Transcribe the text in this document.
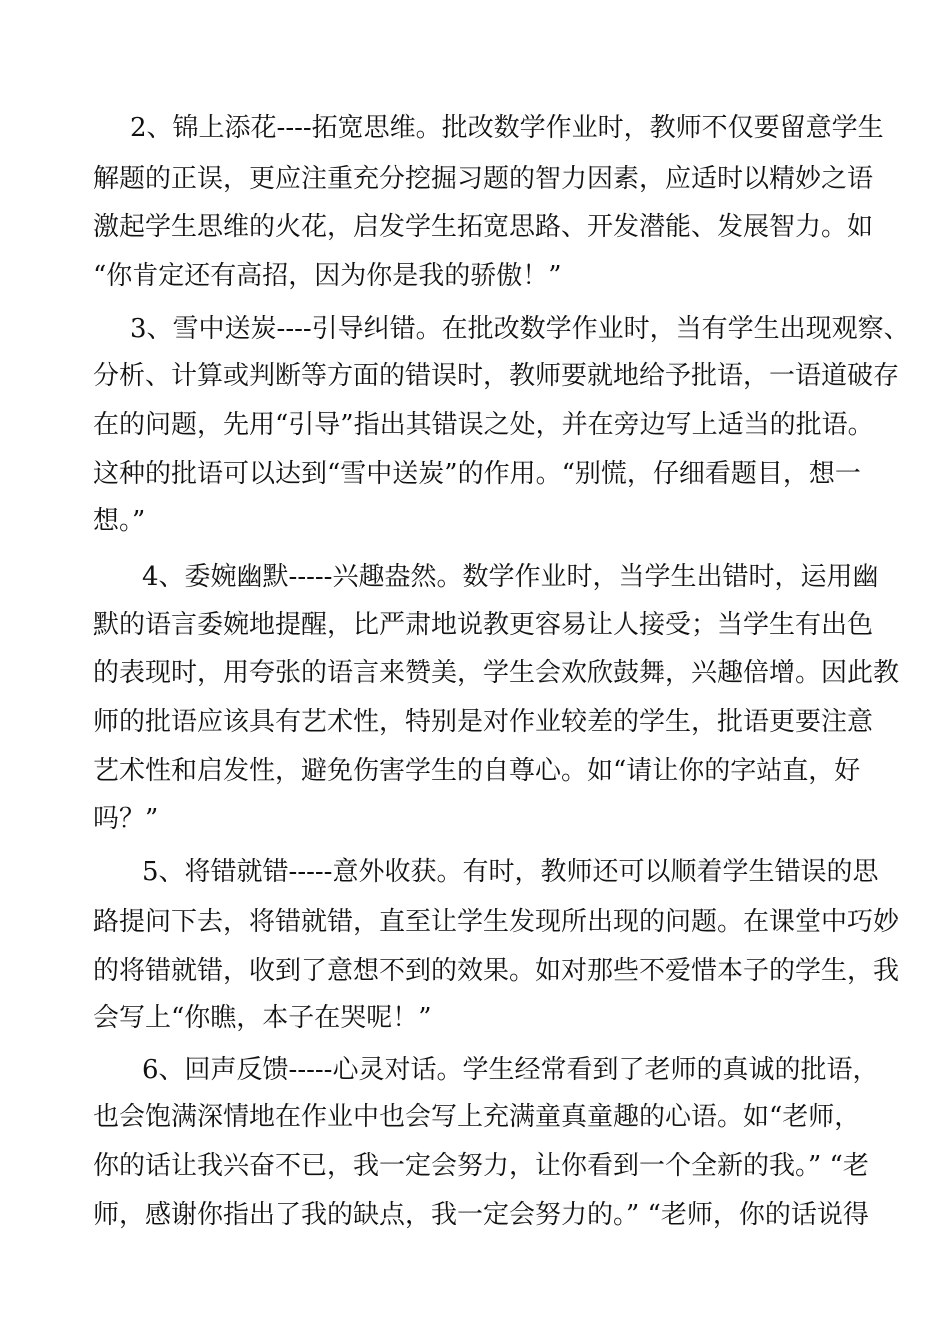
2、锦上添花----拓宽思维。批改数学作业时，教师不仅要留意学生
解题的正误，更应注重充分挖掘习题的智力因素，应适时以精妙之语
激起学生思维的火花，启发学生拓宽思路、开发潜能、发展智力。如
“你肯定还有高招，因为你是我的骄傲！”
3、雪中送炭----引导纠错。在批改数学作业时，当有学生出现观察、
分析、计算或判断等方面的错误时，教师要就地给予批语，一语道破存
在的问题，先用“引导”指出其错误之处，并在旁边写上适当的批语。
这种的批语可以达到“雪中送炭”的作用。“别慌，仔细看题目，想一
想。”
4、委婉幽默-----兴趣盎然。数学作业时，当学生出错时，运用幽
默的语言委婉地提醒，比严肃地说教更容易让人接受；当学生有出色
的表现时，用夸张的语言来赞美，学生会欢欣鼓舞，兴趣倍增。因此教
师的批语应该具有艺术性，特别是对作业较差的学生，批语更要注意
艺术性和启发性，避免伤害学生的自尊心。如“请让你的字站直，好
吗？”
5、将错就错-----意外收获。有时，教师还可以顺着学生错误的思
路提问下去，将错就错，直至让学生发现所出现的问题。在课堂中巧妙
的将错就错，收到了意想不到的效果。如对那些不爱惜本子的学生，我
会写上“你瞧，本子在哭呢！”
6、回声反馈-----心灵对话。学生经常看到了老师的真诚的批语，
也会饱满深情地在作业中也会写上充满童真童趣的心语。如“老师，
你的话让我兴奋不已，我一定会努力，让你看到一个全新的我。” “老
师，感谢你指出了我的缺点，我一定会努力的。” “老师，你的话说得
